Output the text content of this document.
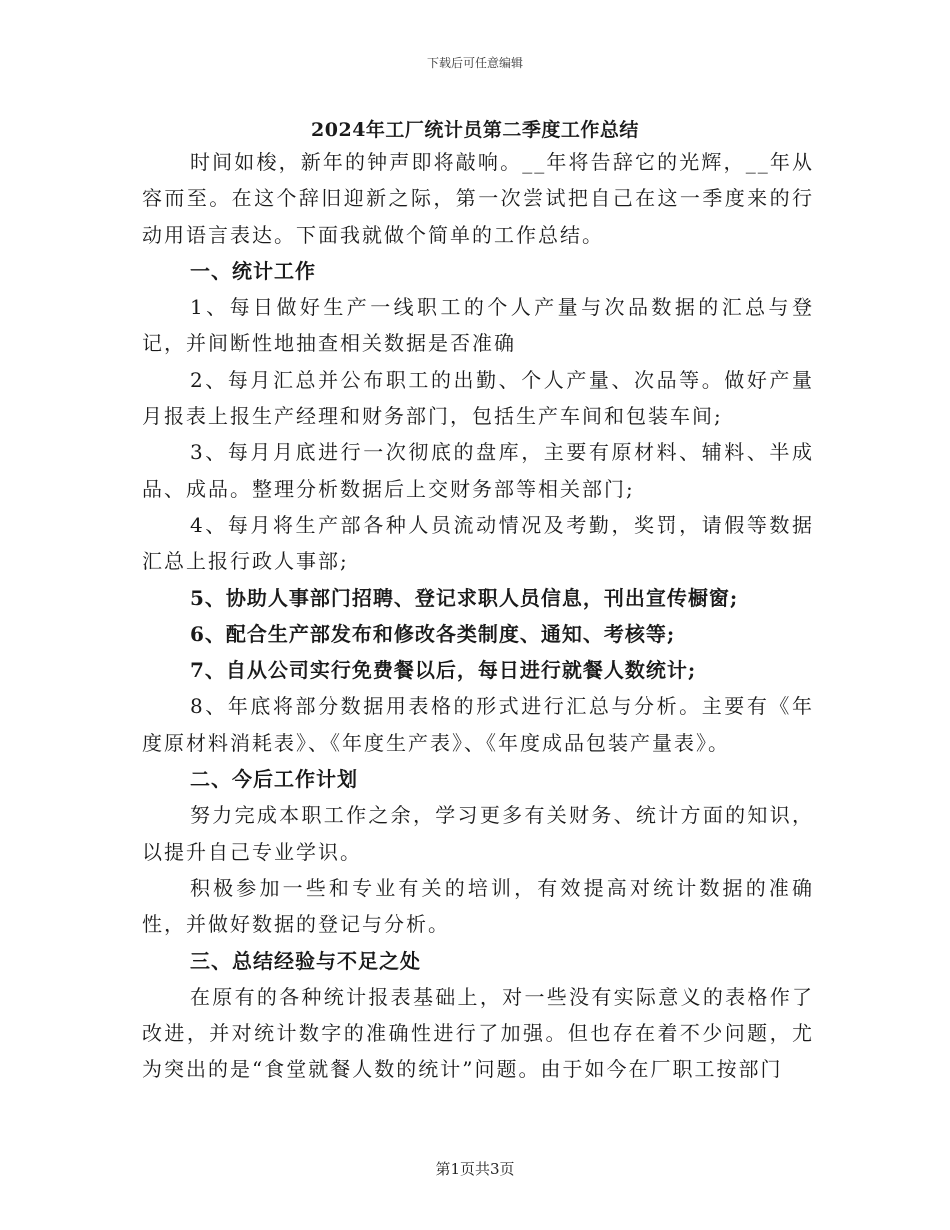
下载后可任意编辑
2024年工厂统计员第二季度工作总结

时间如梭，新年的钟声即将敲响。__年将告辞它的光辉，__年从容而至。在这个辞旧迎新之际，第一次尝试把自己在这一季度来的行动用语言表达。下面我就做个简单的工作总结。

一、统计工作

1、每日做好生产一线职工的个人产量与次品数据的汇总与登记，并间断性地抽查相关数据是否准确

2、每月汇总并公布职工的出勤、个人产量、次品等。做好产量月报表上报生产经理和财务部门，包括生产车间和包装车间;

3、每月月底进行一次彻底的盘库，主要有原材料、辅料、半成品、成品。整理分析数据后上交财务部等相关部门;

4、每月将生产部各种人员流动情况及考勤，奖罚，请假等数据汇总上报行政人事部;

5、协助人事部门招聘、登记求职人员信息，刊出宣传橱窗;

6、配合生产部发布和修改各类制度、通知、考核等;

7、自从公司实行免费餐以后，每日进行就餐人数统计;

8、年底将部分数据用表格的形式进行汇总与分析。主要有《年度原材料消耗表》、《年度生产表》、《年度成品包装产量表》。

二、今后工作计划

努力完成本职工作之余，学习更多有关财务、统计方面的知识，以提升自己专业学识。

积极参加一些和专业有关的培训，有效提高对统计数据的准确性，并做好数据的登记与分析。

三、总结经验与不足之处

在原有的各种统计报表基础上，对一些没有实际意义的表格作了改进，并对统计数字的准确性进行了加强。但也存在着不少问题，尤为突出的是“食堂就餐人数的统计”问题。由于如今在厂职工按部门

第1页共3页
